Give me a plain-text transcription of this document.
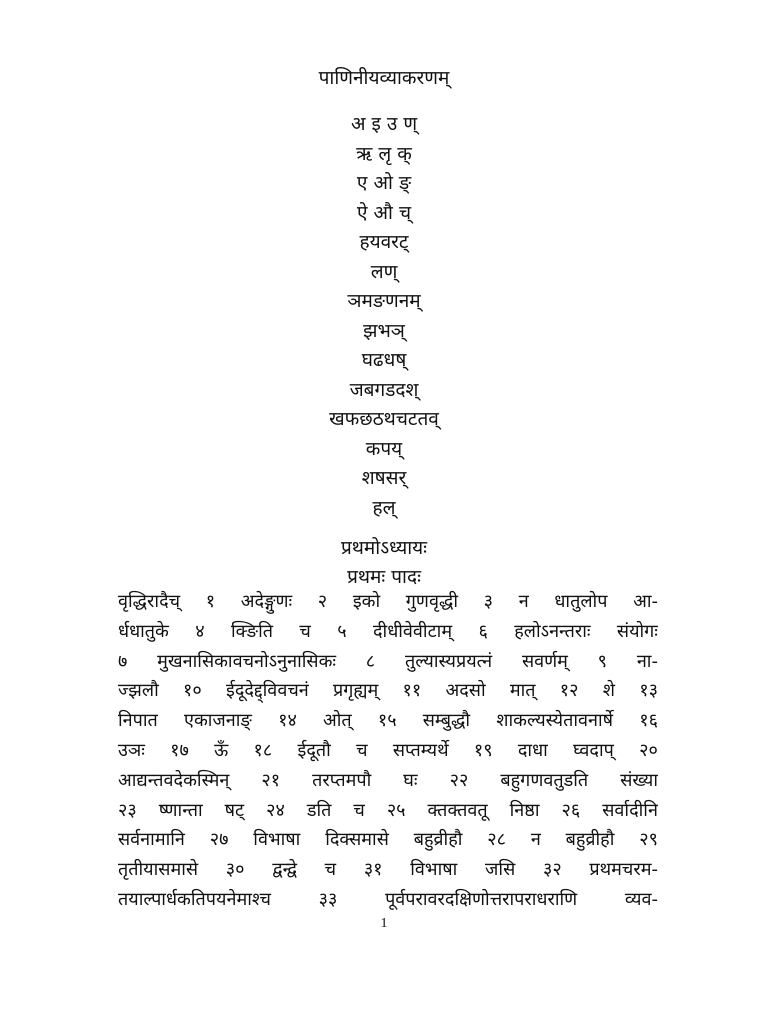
पाणिनीयव्याकरणम्
अ इ उ ण्
ऋ लृ क्
ए ओ ङ्
ऐ औ च्
हयवरट्
लण्
ञमङणनम्
झभञ्
घढधष्
जबगडदश्
खफछठथचटतव्
कपय्
शषसर्
हल्
प्रथमोऽध्यायः
प्रथमः पादः
वृद्धिरादैच् १ अदेङ्गुणः २ इको गुणवृद्धी ३ न धातुलोप आ-
र्धधातुके ४ क्ङिति च ५ दीधीवेवीटाम् ६ हलोऽनन्तराः संयोगः
७ मुखनासिकावचनोऽनुनासिकः ८ तुल्यास्यप्रयत्नं सवर्णम् ९ ना-
ज्झलौ १० ईदूदेद्द्विवचनं प्रगृह्यम् ११ अदसो मात् १२ शे १३
निपात एकाजनाङ् १४ ओत् १५ सम्बुद्धौ शाकल्यस्येतावनार्षे १६
उञः १७ ऊँ १८ ईदूतौ च सप्तम्यर्थे १९ दाधा घ्वदाप् २०
आद्यन्तवदेकस्मिन् २१ तरप्तमपौ घः २२ बहुगणवतुडति संख्या
२३ ष्णान्ता षट् २४ डति च २५ क्तक्तवतू निष्ठा २६ सर्वादीनि
सर्वनामानि २७ विभाषा दिक्समासे बहुव्रीहौ २८ न बहुव्रीहौ २९
तृतीयासमासे ३० द्वन्द्वे च ३१ विभाषा जसि ३२ प्रथमचरम-
तयाल्पार्धकतिपयनेमाश्च	३३	पूर्वपरावरदक्षिणोत्तरापराधराणि	व्यव-
1
